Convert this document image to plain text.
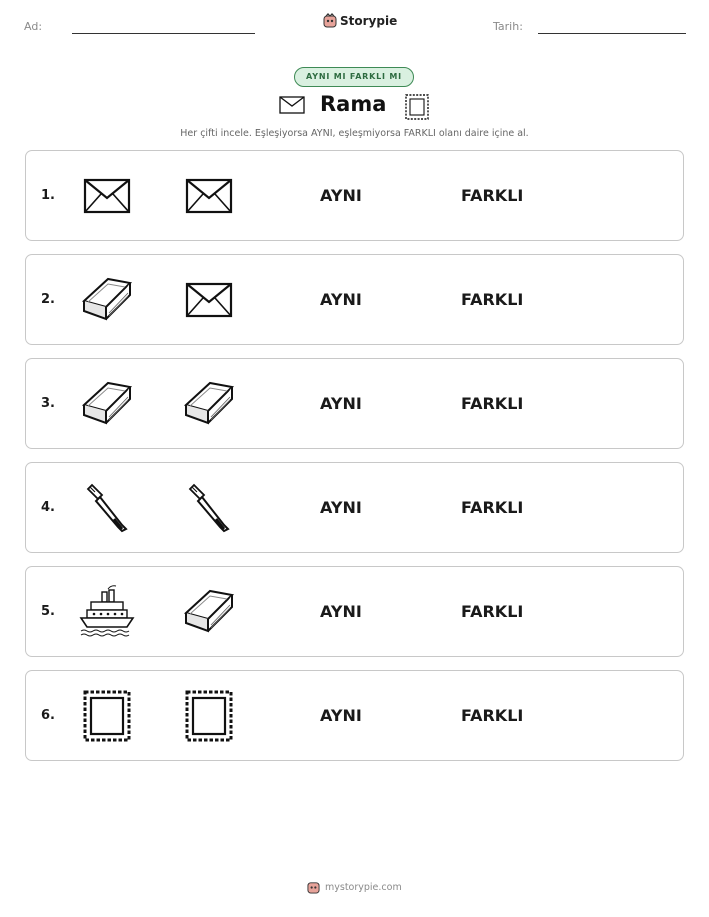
Ad:	Tarih:
Storypie
AYNI MI FARKLI MI
Rama
Her çifti incele. Eşleşiyorsa AYNI, eşleşmiyorsa FARKLI olanı daire içine al.
1.	AYNI	FARKLI
2.	AYNI	FARKLI
3.	AYNI	FARKLI
4.	AYNI	FARKLI
5.	AYNI	FARKLI
6.	AYNI	FARKLI
mystorypie.com
